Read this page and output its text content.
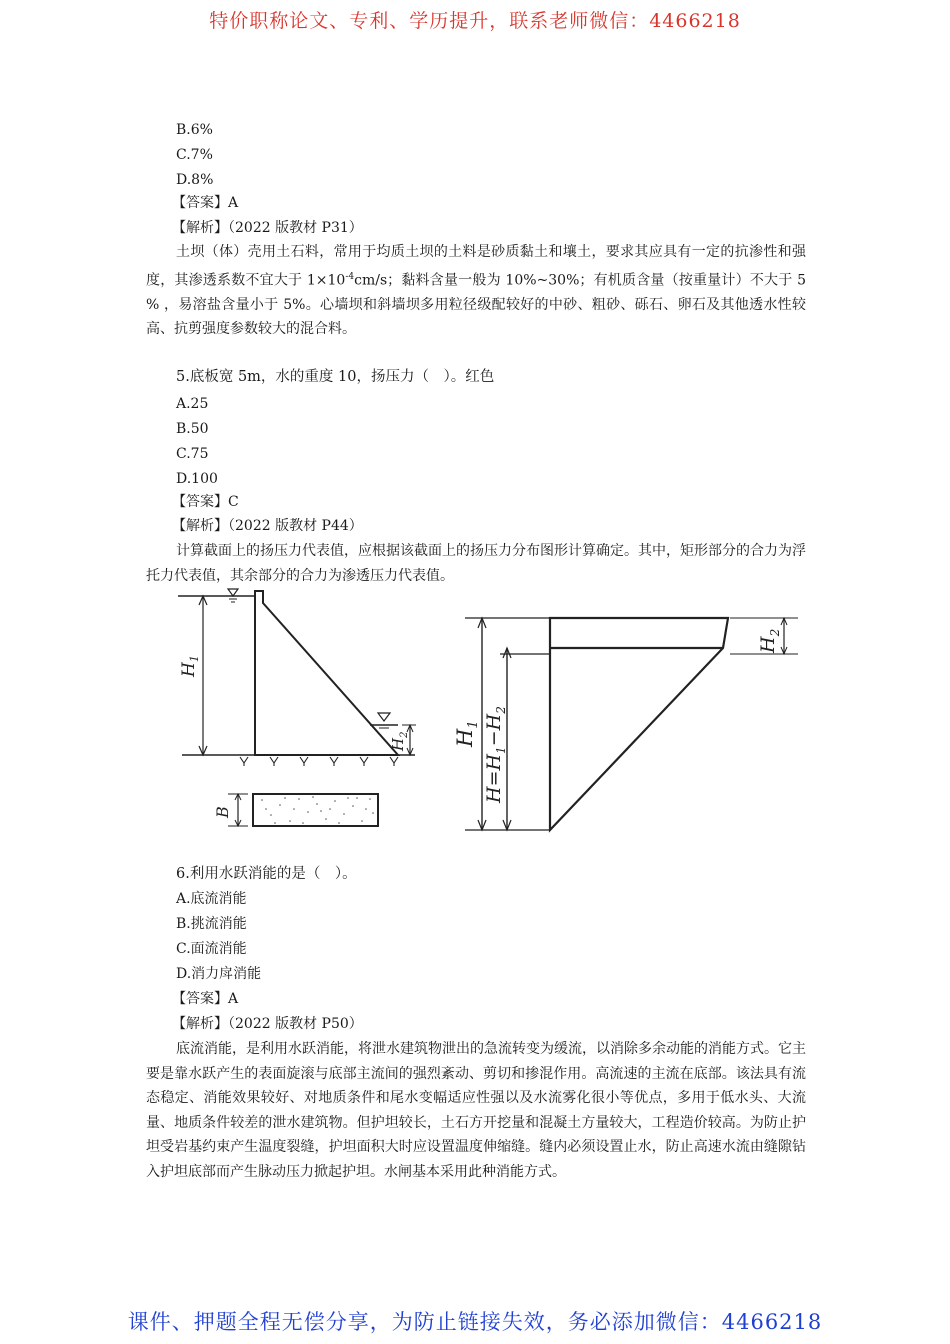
特价职称论文、专利、学历提升，联系老师微信：4466218
B.6%
C.7%
D.8%
【答案】A
【解析】（2022 版教材 P31）
土坝（体）壳用土石料，常用于均质土坝的土料是砂质黏土和壤土，要求其应具有一定的抗渗性和强度，其渗透系数不宜大于 $1\times 10^{-4}cm/s$；黏料含量一般为 10%~30%；有机质含量（按重量计）不大于 5 % ，易溶盐含量小于 5%。心墙坝和斜墙坝多用粒径级配较好的中砂、粗砂、砾石、卵石及其他透水性较高、抗剪强度参数较大的混合料。
5.底板宽 5m，水的重度 10，扬压力（　）。红色
A.25
B.50
C.75
D.100
【答案】C
【解析】（2022 版教材 P44）
计算截面上的扬压力代表值，应根据该截面上的扬压力分布图形计算确定。其中，矩形部分的合力为浮托力代表值，其余部分的合力为渗透压力代表值。
$H_1$
$H_2$
B
$H_1$
$H=H_1-H_2$
$H_2$
6.利用水跃消能的是（　）。
A.底流消能
B.挑流消能
C.面流消能
D.消力戽消能
【答案】A
【解析】（2022 版教材 P50）
底流消能，是利用水跃消能，将泄水建筑物泄出的急流转变为缓流，以消除多余动能的消能方式。它主要是靠水跃产生的表面旋滚与底部主流间的强烈紊动、剪切和掺混作用。高流速的主流在底部。该法具有流态稳定、消能效果较好、对地质条件和尾水变幅适应性强以及水流雾化很小等优点，多用于低水头、大流量、地质条件较差的泄水建筑物。但护坦较长，土石方开挖量和混凝土方量较大，工程造价较高。为防止护坦受岩基约束产生温度裂缝，护坦面积大时应设置温度伸缩缝。缝内必须设置止水，防止高速水流由缝隙钻入护坦底部而产生脉动压力掀起护坦。水闸基本采用此种消能方式。
课件、押题全程无偿分享，为防止链接失效，务必添加微信：4466218
